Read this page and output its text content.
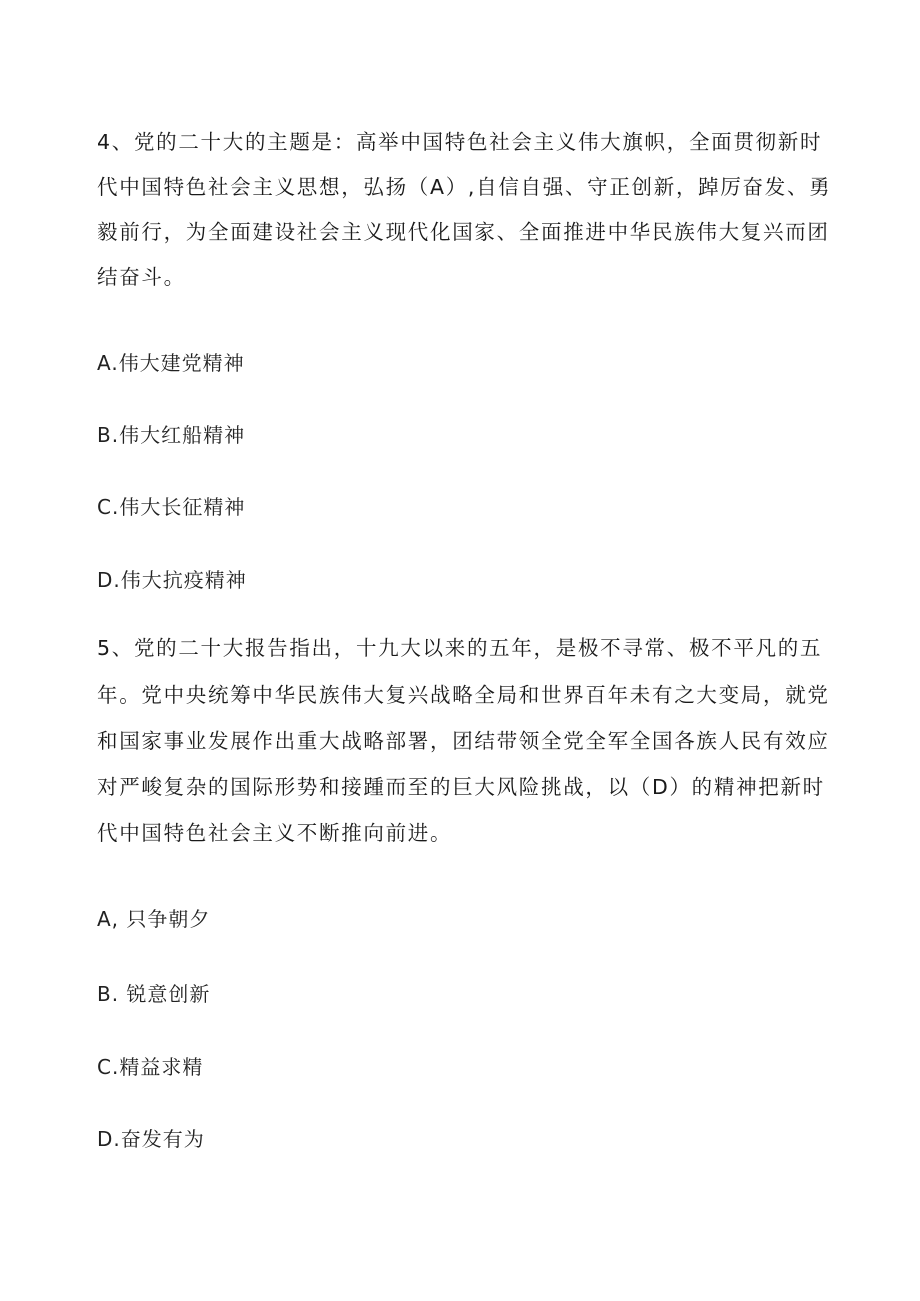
4、党的二十大的主题是：高举中国特色社会主义伟大旗帜，全面贯彻新时
代中国特色社会主义思想，弘扬（A）,自信自强、守正创新，踔厉奋发、勇
毅前行，为全面建设社会主义现代化国家、全面推进中华民族伟大复兴而团
结奋斗。
A.伟大建党精神
B.伟大红船精神
C.伟大长征精神
D.伟大抗疫精神
5、党的二十大报告指出，十九大以来的五年，是极不寻常、极不平凡的五
年。党中央统筹中华民族伟大复兴战略全局和世界百年未有之大变局，就党
和国家事业发展作出重大战略部署，团结带领全党全军全国各族人民有效应
对严峻复杂的国际形势和接踵而至的巨大风险挑战，以（D）的精神把新时
代中国特色社会主义不断推向前进。
A, 只争朝夕
B. 锐意创新
C.精益求精
D.奋发有为
